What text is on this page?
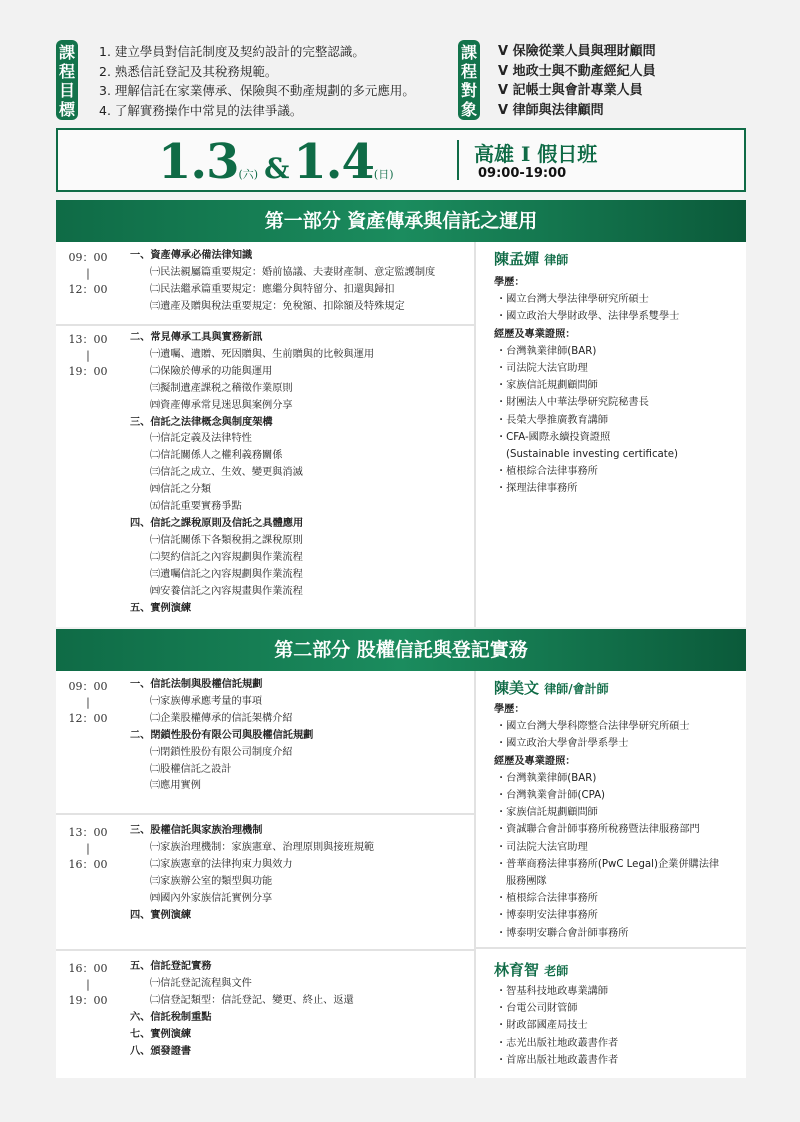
課
程
目
標
1. 建立學員對信託制度及契約設計的完整認識。
2. 熟悉信託登記及其稅務規範。
3. 理解信託在家業傳承、保險與不動產規劃的多元應用。
4. 了解實務操作中常見的法律爭議。
課
程
對
象
V 保險從業人員與理財顧問
V 地政士與不動產經紀人員
V 記帳士與會計專業人員
V 律師與法律顧問
1.3(六) &1.4(日)
高雄 I 假日班
09:00-19:00
第一部分 資產傳承與信託之運用
09：00
|
12：00
一、資產傳承必備法律知識
㈠民法親屬篇重要規定：婚前協議、夫妻財產制、意定監護制度
㈡民法繼承篇重要規定：應繼分與特留分、扣還與歸扣
㈢遺產及贈與稅法重要規定：免稅額、扣除額及特殊規定
13：00
|
19：00
二、常見傳承工具與實務新訊
㈠遺囑、遺贈、死因贈與、生前贈與的比較與運用
㈡保險於傳承的功能與運用
㈢擬制遺產課税之稽徵作業原則
㈣資產傳承常見迷思與案例分享
三、信託之法律概念與制度架構
㈠信託定義及法律特性
㈡信託關係人之權利義務關係
㈢信託之成立、生效、變更與消滅
㈣信託之分類
㈤信託重要實務爭點
四、信託之課稅原則及信託之具體應用
㈠信託關係下各類稅捐之課稅原則
㈡契約信託之內容規劃與作業流程
㈢遺囑信託之內容規劃與作業流程
㈣安養信託之內容規畫與作業流程
五、實例演練
陳孟嬋 律師
學歷：
・國立台灣大學法律學研究所碩士
・國立政治大學財政學、法律學系雙學士
經歷及專業證照：
・台灣執業律師(BAR)
・司法院大法官助理
・家族信託規劃顧問師
・財團法人中華法學研究院秘書長
・長榮大學推廣教育講師
・CFA-國際永續投資證照
(Sustainable investing certificate)
・植根綜合法律事務所
・探理法律事務所
第二部分 股權信託與登記實務
09：00
|
12：00
一、信託法制與股權信託規劃
㈠家族傳承應考量的事項
㈡企業股權傳承的信託架構介紹
二、閉鎖性股份有限公司與股權信託規劃
㈠閉鎖性股份有限公司制度介紹
㈡股權信託之設計
㈢應用實例
13：00
|
16：00
三、股權信託與家族治理機制
㈠家族治理機制：家族憲章、治理原則與接班規範
㈡家族憲章的法律拘束力與效力
㈢家族辦公室的類型與功能
㈣國內外家族信託實例分享
四、實例演練
16：00
|
19：00
五、信託登記實務
㈠信託登記流程與文件
㈡信登記類型：信託登記、變更、終止、返還
六、信託稅制重點
七、實例演練
八、頒發證書
陳美文 律師/會計師
學歷：
・國立台灣大學科際整合法律學研究所碩士
・國立政治大學會計學系學士
經歷及專業證照：
・台灣執業律師(BAR)
・台灣執業會計師(CPA)
・家族信託規劃顧問師
・資誠聯合會計師事務所稅務暨法律服務部門
・司法院大法官助理
・普華商務法律事務所(PwC Legal)企業併購法律
服務團隊
・植根綜合法律事務所
・博泰明安法律事務所
・博泰明安聯合會計師事務所
林育智 老師
・智基科技地政專業講師
・台電公司財管師
・財政部國產局技士
・志光出版社地政叢書作者
・首席出版社地政叢書作者
